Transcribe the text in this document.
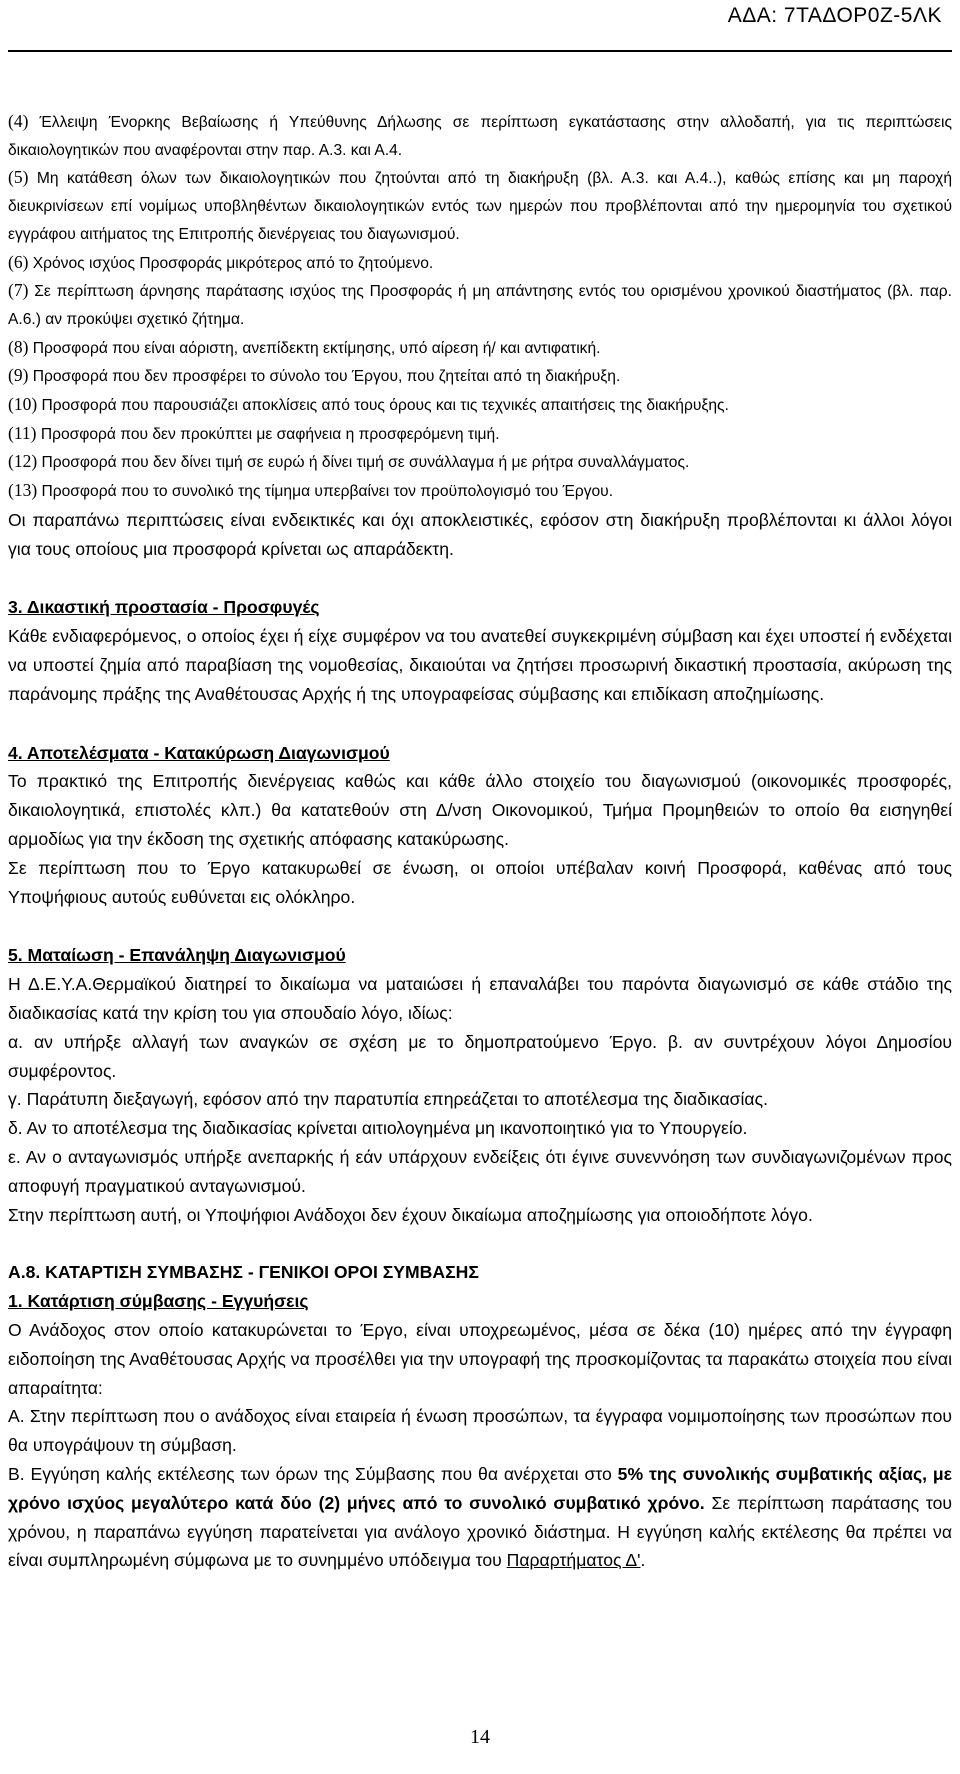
ΑΔΑ: 7ΤΑΔΟΡ0Ζ-5ΛΚ

(4) Έλλειψη Ένορκης Βεβαίωσης ή Υπεύθυνης Δήλωσης σε περίπτωση εγκατάστασης στην αλλοδαπή, για τις περιπτώσεις δικαιολογητικών που αναφέρονται στην παρ. Α.3. και Α.4.

(5) Μη κατάθεση όλων των δικαιολογητικών που ζητούνται από τη διακήρυξη (βλ. Α.3. και Α.4..), καθώς επίσης και μη παροχή διευκρινίσεων επί νομίμως υποβληθέντων δικαιολογητικών εντός των ημερών που προβλέπονται από την ημερομηνία του σχετικού εγγράφου αιτήματος της Επιτροπής διενέργειας του διαγωνισμού.

(6) Χρόνος ισχύος Προσφοράς μικρότερος από το ζητούμενο.

(7) Σε περίπτωση άρνησης παράτασης ισχύος της Προσφοράς ή μη απάντησης εντός του ορισμένου χρονικού διαστήματος (βλ. παρ. Α.6.) αν προκύψει σχετικό ζήτημα.

(8) Προσφορά που είναι αόριστη, ανεπίδεκτη εκτίμησης, υπό αίρεση ή/ και αντιφατική.

(9) Προσφορά που δεν προσφέρει το σύνολο του Έργου, που ζητείται από τη διακήρυξη.

(10) Προσφορά που παρουσιάζει αποκλίσεις από τους όρους και τις τεχνικές απαιτήσεις της διακήρυξης.

(11) Προσφορά που δεν προκύπτει με σαφήνεια η προσφερόμενη τιμή.

(12) Προσφορά που δεν δίνει τιμή σε ευρώ ή δίνει τιμή σε συνάλλαγμα ή με ρήτρα συναλλάγματος.

(13) Προσφορά που το συνολικό της τίμημα υπερβαίνει τον προϋπολογισμό του Έργου.

Οι παραπάνω περιπτώσεις είναι ενδεικτικές και όχι αποκλειστικές, εφόσον στη διακήρυξη προβλέπονται κι άλλοι λόγοι για τους οποίους μια προσφορά κρίνεται ως απαράδεκτη.

3. Δικαστική προστασία - Προσφυγές

Κάθε ενδιαφερόμενος, ο οποίος έχει ή είχε συμφέρον να του ανατεθεί συγκεκριμένη σύμβαση και έχει υποστεί ή ενδέχεται να υποστεί ζημία από παραβίαση της νομοθεσίας, δικαιούται να ζητήσει προσωρινή δικαστική προστασία, ακύρωση της παράνομης πράξης της Αναθέτουσας Αρχής ή της υπογραφείσας σύμβασης και επιδίκαση αποζημίωσης.

4. Αποτελέσματα - Κατακύρωση Διαγωνισμού

Το πρακτικό της Επιτροπής διενέργειας καθώς και κάθε άλλο στοιχείο του διαγωνισμού (οικονομικές προσφορές, δικαιολογητικά, επιστολές κλπ.) θα κατατεθούν στη Δ/νση Οικονομικού, Τμήμα Προμηθειών το οποίο θα εισηγηθεί αρμοδίως για την έκδοση της σχετικής απόφασης κατακύρωσης.

Σε περίπτωση που το Έργο κατακυρωθεί σε ένωση, οι οποίοι υπέβαλαν κοινή Προσφορά, καθένας από τους Υποψήφιους αυτούς ευθύνεται εις ολόκληρο.

5. Ματαίωση - Επανάληψη Διαγωνισμού

Η Δ.Ε.Υ.Α.Θερμαϊκού διατηρεί το δικαίωμα να ματαιώσει ή επαναλάβει του παρόντα διαγωνισμό σε κάθε στάδιο της διαδικασίας κατά την κρίση του για σπουδαίο λόγο, ιδίως:

α. αν υπήρξε αλλαγή των αναγκών σε σχέση με το δημοπρατούμενο Έργο. β. αν συντρέχουν λόγοι Δημοσίου συμφέροντος.

γ. Παράτυπη διεξαγωγή, εφόσον από την παρατυπία επηρεάζεται το αποτέλεσμα της διαδικασίας.

δ. Αν το αποτέλεσμα της διαδικασίας κρίνεται αιτιολογημένα μη ικανοποιητικό για το Υπουργείο.

ε. Αν ο ανταγωνισμός υπήρξε ανεπαρκής ή εάν υπάρχουν ενδείξεις ότι έγινε συνεννόηση των συνδιαγωνιζομένων προς αποφυγή πραγματικού ανταγωνισμού.

Στην περίπτωση αυτή, οι Υποψήφιοι Ανάδοχοι δεν έχουν δικαίωμα αποζημίωσης για οποιοδήποτε λόγο.

Α.8. ΚΑΤΑΡΤΙΣΗ ΣΥΜΒΑΣΗΣ - ΓΕΝΙΚΟΙ ΟΡΟΙ ΣΥΜΒΑΣΗΣ

1. Κατάρτιση σύμβασης - Εγγυήσεις

Ο Ανάδοχος στον οποίο κατακυρώνεται το Έργο, είναι υποχρεωμένος, μέσα σε δέκα (10) ημέρες από την έγγραφη ειδοποίηση της Αναθέτουσας Αρχής να προσέλθει για την υπογραφή της προσκομίζοντας τα παρακάτω στοιχεία που είναι απαραίτητα:

Α. Στην περίπτωση που ο ανάδοχος είναι εταιρεία ή ένωση προσώπων, τα έγγραφα νομιμοποίησης των προσώπων που θα υπογράψουν τη σύμβαση.

Β. Εγγύηση καλής εκτέλεσης των όρων της Σύμβασης που θα ανέρχεται στο 5% της συνολικής συμβατικής αξίας, με χρόνο ισχύος μεγαλύτερο κατά δύο (2) μήνες από το συνολικό συμβατικό χρόνο. Σε περίπτωση παράτασης του χρόνου, η παραπάνω εγγύηση παρατείνεται για ανάλογο χρονικό διάστημα. Η εγγύηση καλής εκτέλεσης θα πρέπει να είναι συμπληρωμένη σύμφωνα με το συνημμένο υπόδειγμα του Παραρτήματος Δ'.

14
